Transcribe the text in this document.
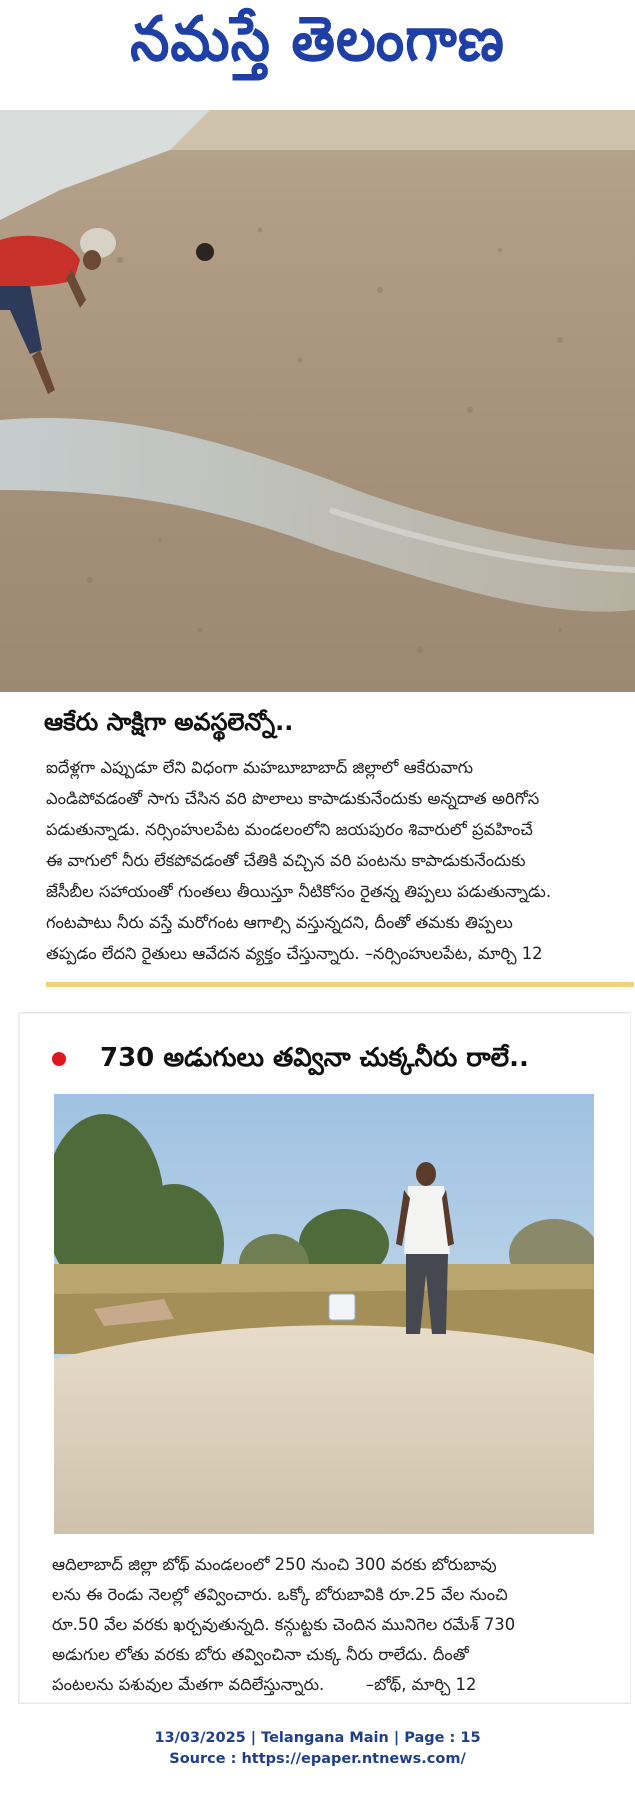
నమస్తే తెలంగాణ
ఆకేరు సాక్షిగా అవస్థలెన్నో..
ఐదేళ్లగా ఎప్పుడూ లేని విధంగా మహబూబాబాద్ జిల్లాలో ఆకేరువాగు
ఎండిపోవడంతో సాగు చేసిన వరి పొలాలు కాపాడుకునేందుకు అన్నదాత అరిగోస
పడుతున్నాడు. నర్సింహులపేట మండలంలోని జయపురం శివారులో ప్రవహించే
ఈ వాగులో నీరు లేకపోవడంతో చేతికి వచ్చిన వరి పంటను కాపాడుకునేందుకు
జేసీబీల సహాయంతో గుంతలు తీయిస్తూ నీటికోసం రైతన్న తిప్పలు పడుతున్నాడు.
గంటపాటు నీరు వస్తే మరోగంట ఆగాల్సి వస్తున్నదని, దీంతో తమకు తిప్పలు
తప్పడం లేదని రైతులు ఆవేదన వ్యక్తం చేస్తున్నారు. –నర్సింహులపేట, మార్చి 12
730 అడుగులు తవ్వినా చుక్కనీరు రాలే..
ఆదిలాబాద్ జిల్లా బోథ్ మండలంలో 250 నుంచి 300 వరకు బోరుబావు
లను ఈ రెండు నెలల్లో తవ్వించారు. ఒక్కో బోరుబావికి రూ.25 వేల నుంచి
రూ.50 వేల వరకు ఖర్చవుతున్నది. కన్గుట్టకు చెందిన మునిగెల రమేశ్ 730
అడుగుల లోతు వరకు బోరు తవ్వించినా చుక్క నీరు రాలేదు. దీంతో
పంటలను పశువుల మేతగా వదిలేస్తున్నారు.        –బోథ్, మార్చి 12
13/03/2025 | Telangana Main | Page : 15
Source : https://epaper.ntnews.com/
